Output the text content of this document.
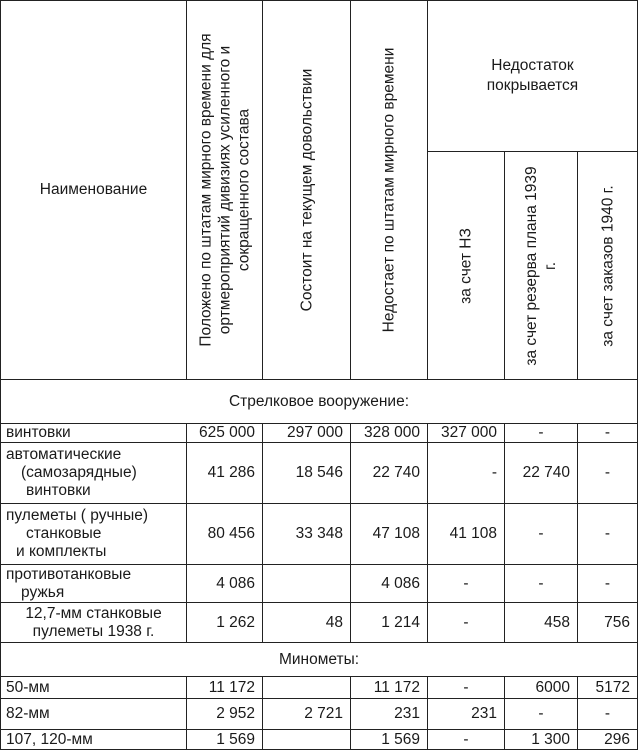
Наименование	Положено по штатам мирного времени для ортмероприятий дивизиях усиленного и сокращенного состава	Состоит на текущем довольствии	Недостает по штатам мирного времени	Недостаток покрывается		

				за счет НЗ	за счет резерва плана 1939 г.	за счет заказов 1940 г.

Стрелковое вооружение:						
винтовки	625 000	297 000	328 000	327 000	-	-

автоматические
(самозарядные)
винтовки	41 286	18 546	22 740	-	22 740	-

пулеметы ( ручные)
станковые
и комплекты	80 456	33 348	47 108	41 108	-	-

противотанковые
ружья	4 086		4 086	-	-	-

12,7-мм станковые
пулеметы 1938 г.	1 262	48	1 214	-	458	756
Минометы:						
50-мм	11 172		11 172	-	6000	5172
82-мм	2 952	2 721	231	231	-	-
107, 120-мм	1 569		1 569	-	1 300	296
